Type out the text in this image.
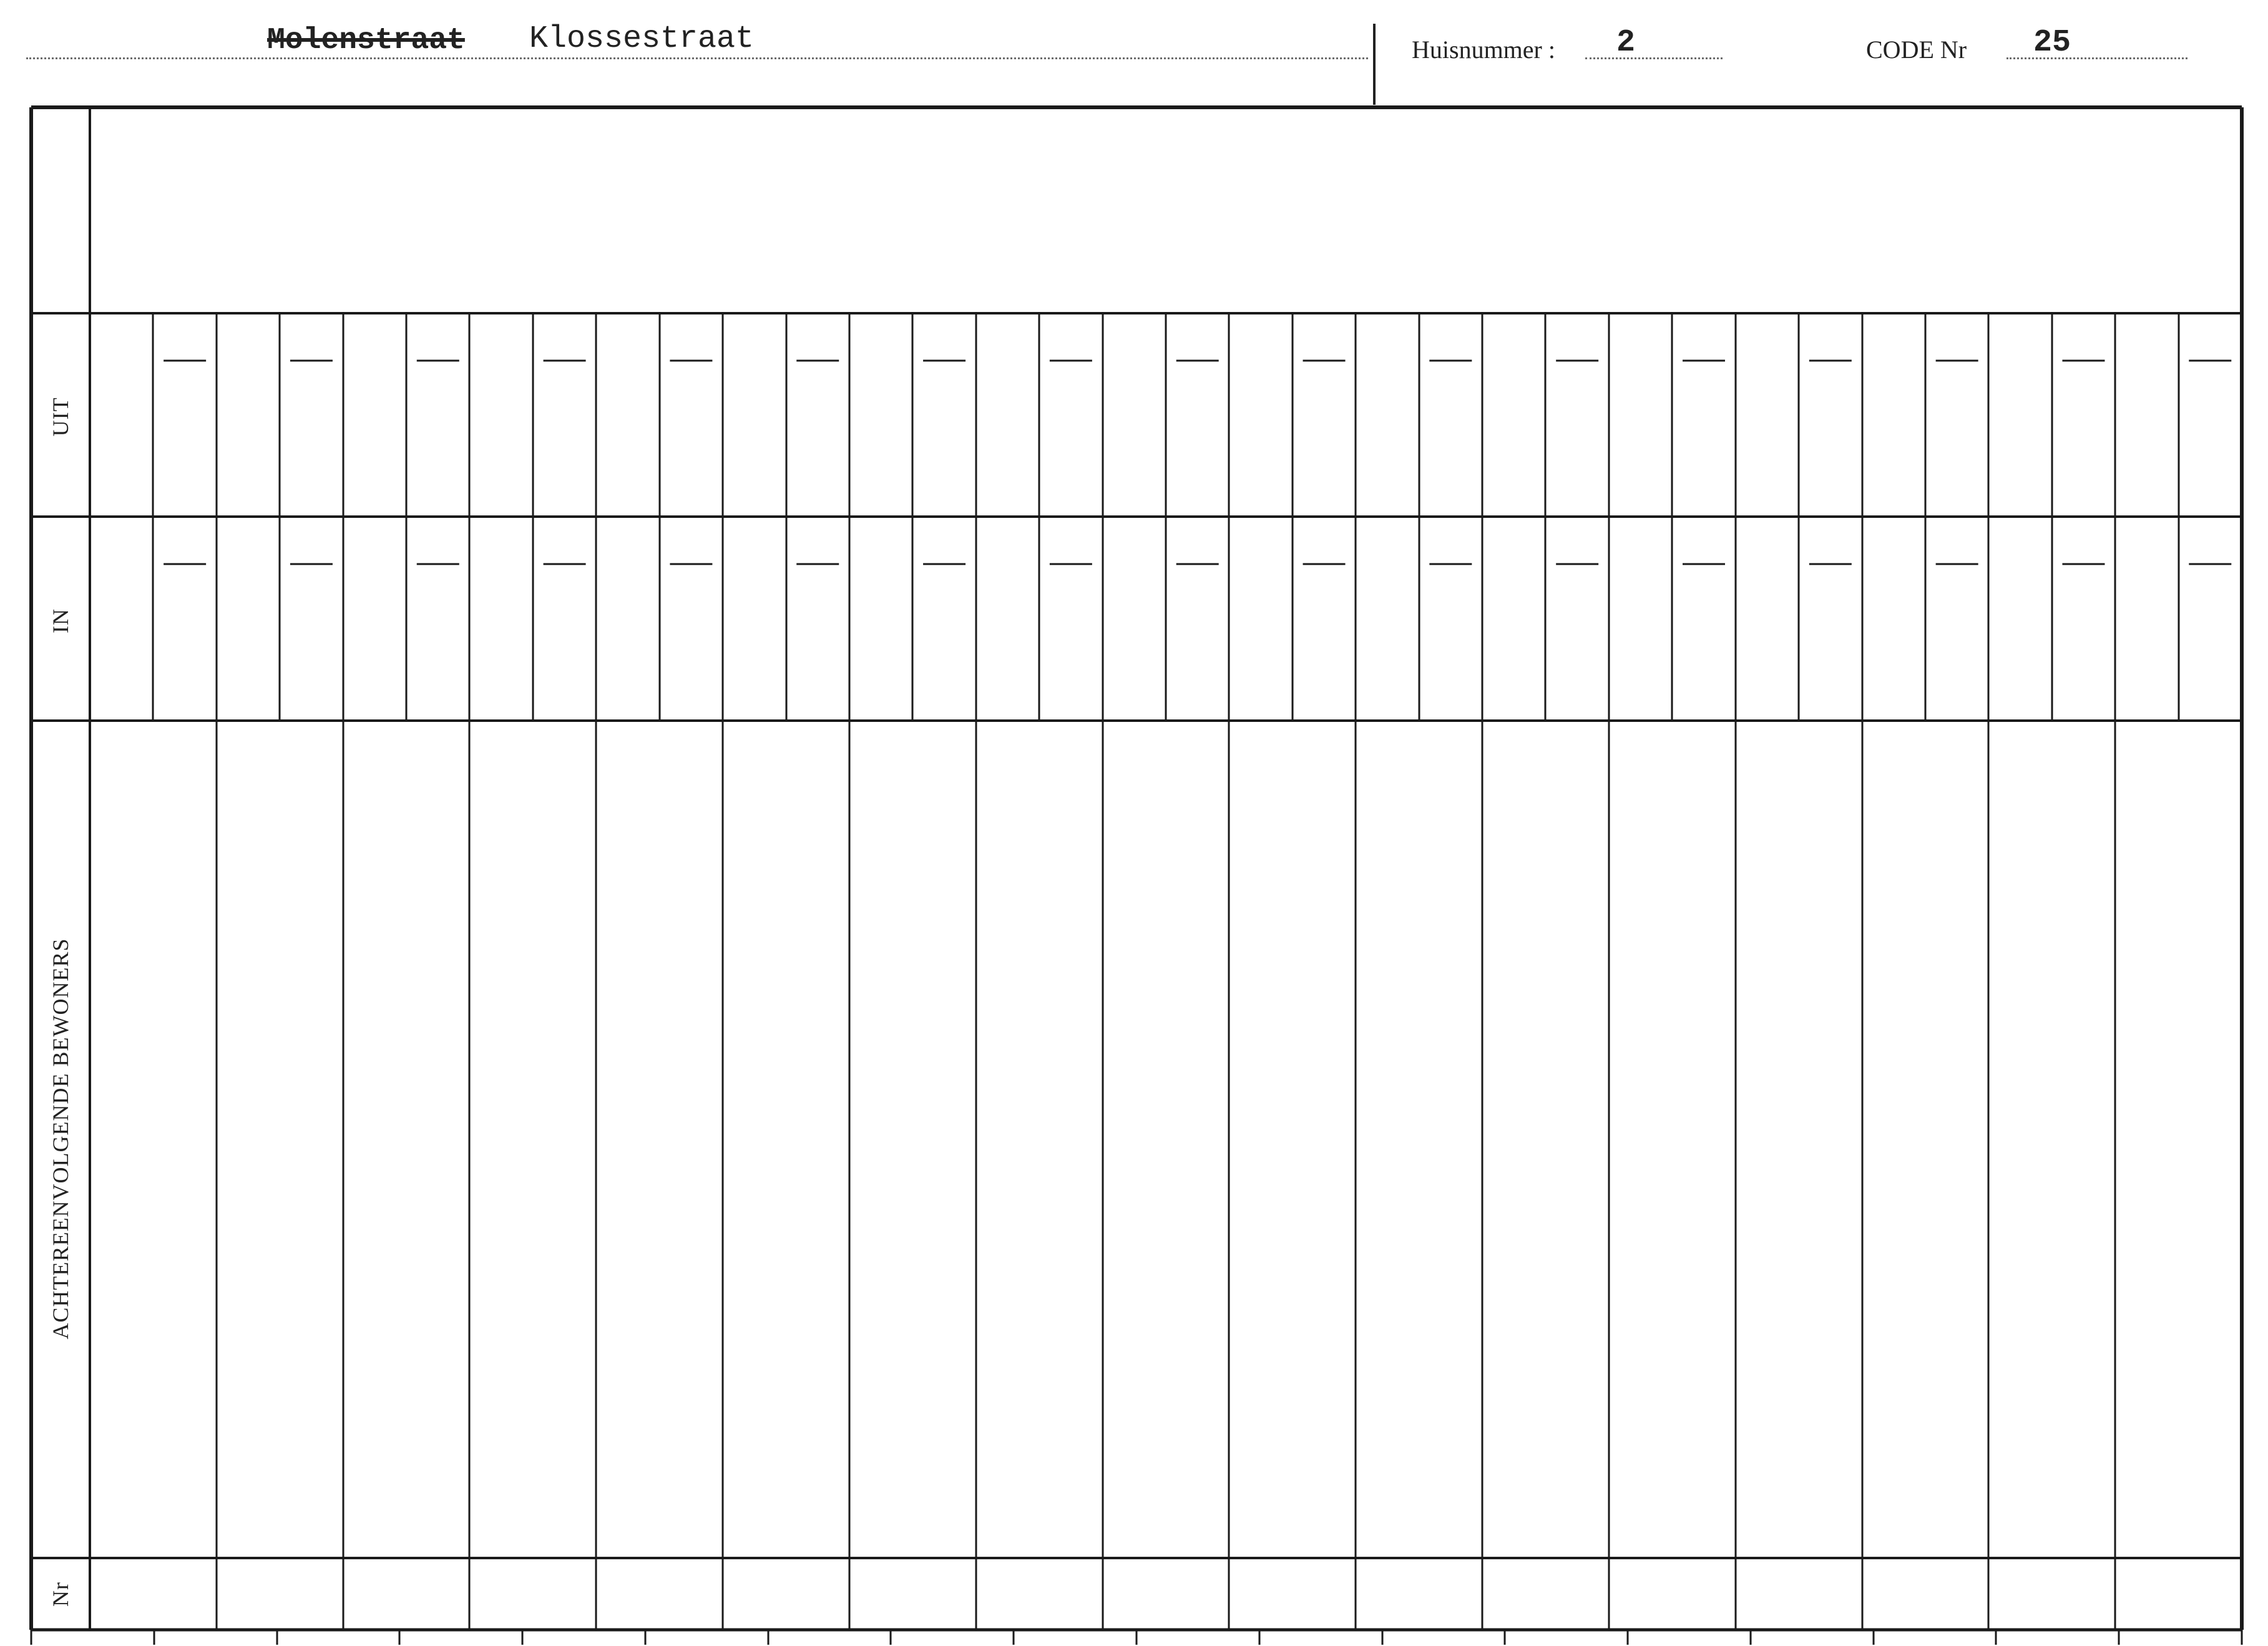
Molenstraat Klossestraat	Huisnummer : 2	CODE Nr 25
UIT
IN
ACHTEREENVOLGENDE BEWONERS
Nr
